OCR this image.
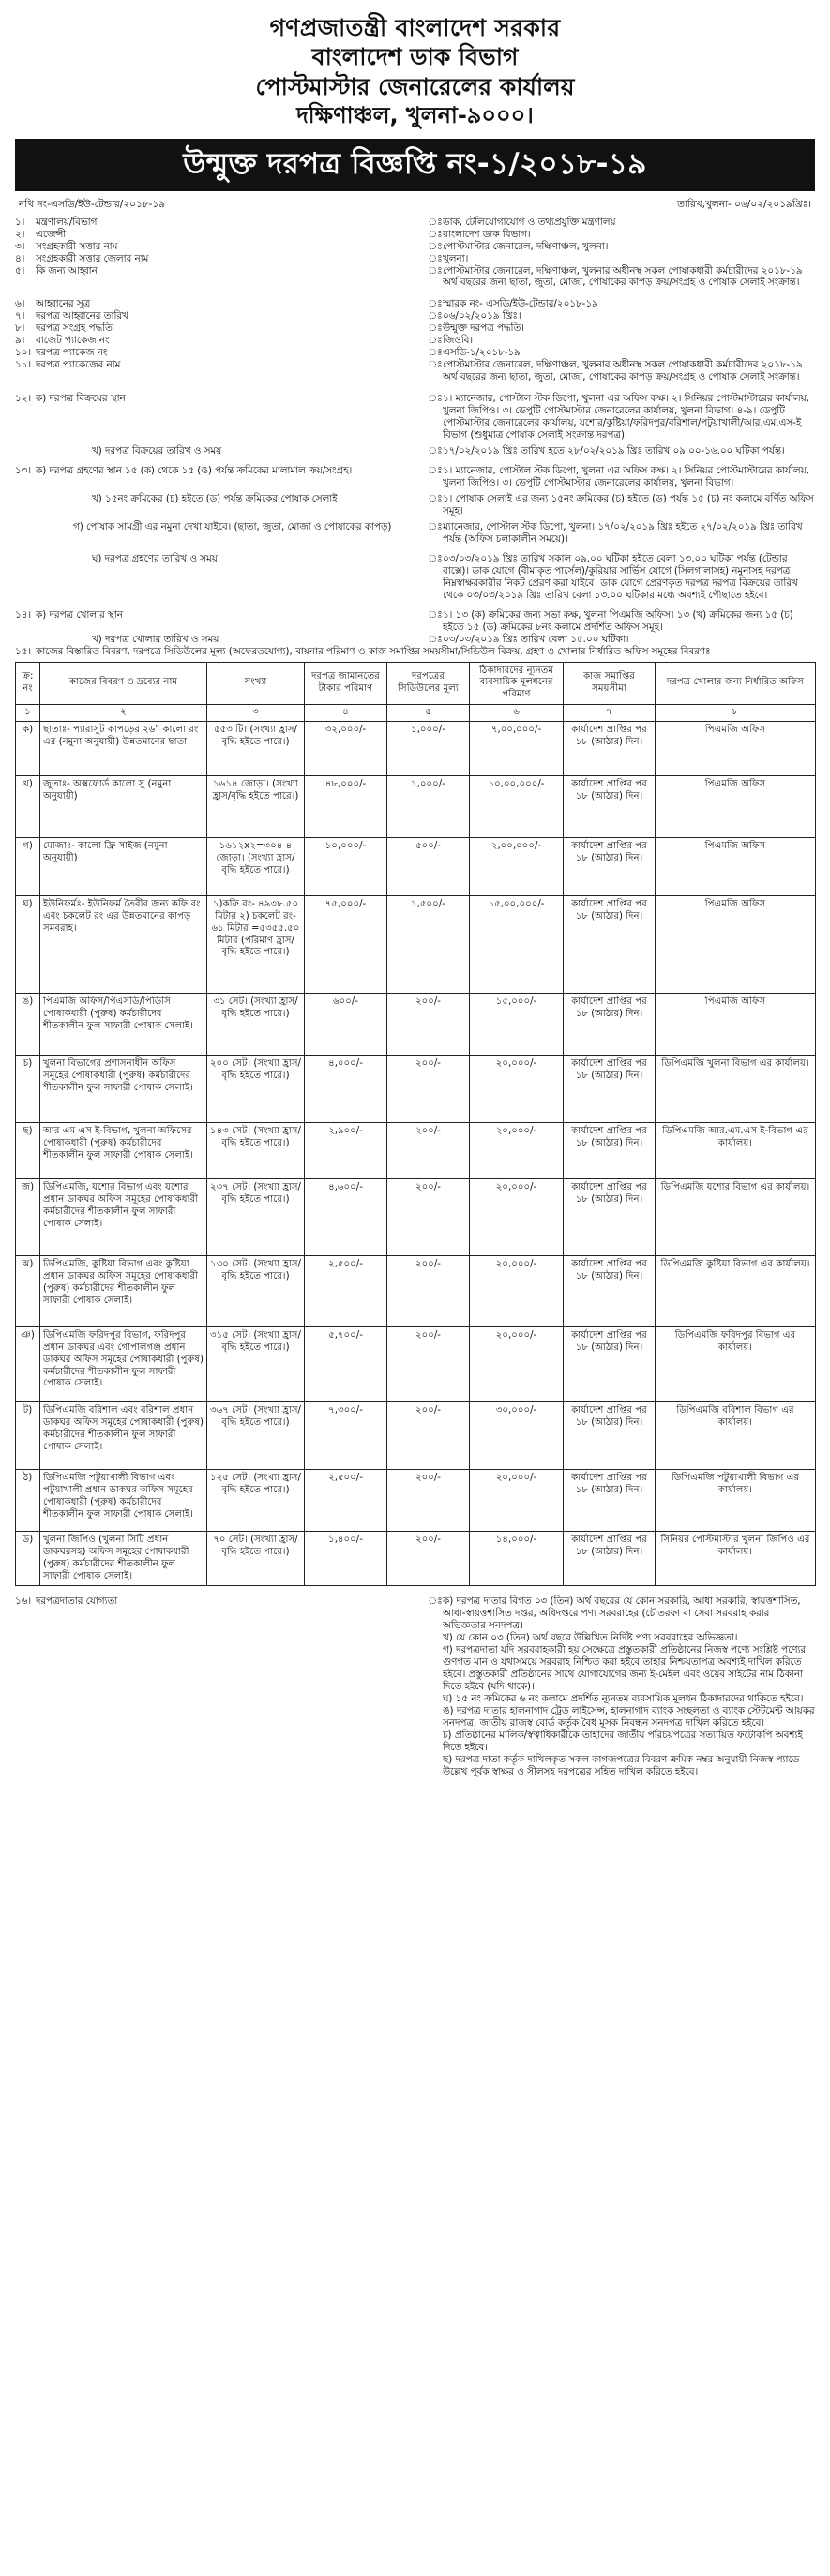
গণপ্রজাতন্ত্রী বাংলাদেশ সরকার
বাংলাদেশ ডাক বিভাগ
পোস্টমাস্টার জেনারেলের কার্যালয়
দক্ষিণাঞ্চল, খুলনা-৯০০০।
উন্মুক্ত দরপত্র বিজ্ঞপ্তি নং-১/২০১৮-১৯
নথি নং-এসডি/ইউ-টেন্ডার/২০১৮-১৯	তারিখ,খুলনা- ০৬/০২/২০১৯খ্রিঃ।
১।	মন্ত্রণালয়/বিভাগ	ঃ ডাক, টেলিযোগাযোগ ও তথ্যপ্রযুক্তি মন্ত্রণালয়
২।	এজেন্সী	ঃ বাংলাদেশ ডাক বিভাগ।
৩।	সংগ্রহকারী সত্তার নাম	ঃ পোস্টমাস্টার জেনারেল, দক্ষিণাঞ্চল, খুলনা।
৪।	সংগ্রহকারী সত্তার জেলার নাম	ঃ খুলনা।
৫।	কি জন্য আহ্বান	ঃ পোস্টমাস্টার জেনারেল, দক্ষিণাঞ্চল, খুলনার অধীনস্থ সকল পোষাকধারী কর্মচারীদের ২০১৮-১৯ অর্থ বছরের জন্য ছাতা, জুতা, মোজা, পোষাকের কাপড় ক্রয়/সংগ্রহ ও পোষাক সেলাই সংক্রান্ত।
৬।	আহ্বানের সূত্র	ঃ স্মারক নং- এসডি/ইউ-টেন্ডার/২০১৮-১৯
৭।	দরপত্র আহ্বানের তারিখ	ঃ ০৬/০২/২০১৯ খ্রিঃ।
৮।	দরপত্র সংগ্রহ পদ্ধতি	ঃ উন্মুক্ত দরপত্র পদ্ধতি।
৯।	বাজেট প্যাকেজ নং	ঃ জিওবি।
১০। দরপত্র প্যাকেজ নং	ঃ এসডি-১/২০১৮-১৯
১১। দরপত্র প্যাকেজের নাম	ঃ পোস্টমাস্টার জেনারেল, দক্ষিণাঞ্চল, খুলনার অধীনস্থ সকল পোষাকধারী কর্মচারীদের ২০১৮-১৯ অর্থ বছরের জন্য ছাতা, জুতা, মোজা, পোষাকের কাপড় ক্রয়/সংগ্রহ ও পোষাক সেলাই সংক্রান্ত।
১২। ক) দরপত্র বিক্রয়ের স্থান	ঃ ১। ম্যানেজার, পোস্টাল স্টক ডিপো, খুলনা এর অফিস কক্ষ। ২। সিনিয়র পোস্টমাস্টারের কার্যালয়, খুলনা জিপিও। ৩। ডেপুটি পোস্টমাস্টার জেনারেলের কার্যালয়, খুলনা বিভাগ। ৪-৯। ডেপুটি পোস্টমাস্টার জেনারেলের কার্যালয়, যশোর/কুষ্টিয়া/ফরিদপুর/বরিশাল/পটুয়াখালী/আর.এম.এস-ই বিভাগ (শুধুমাত্র পোষাক সেলাই সংক্রান্ত দরপত্র)
খ) দরপত্র বিক্রয়ের তারিখ ও সময়	ঃ ১৭/০২/২০১৯ খ্রিঃ তারিখ হতে ২৮/০২/২০১৯ খ্রিঃ তারিখ ০৯.০০-১৬.০০ ঘটিকা পর্যন্ত।
১৩। ক) দরপত্র গ্রহণের স্থান ১৫ (ক) থেকে ১৫ (ঙ) পর্যন্ত ক্রমিকের মালামাল ক্রয়/সংগ্রহ।	ঃ ১। ম্যানেজার, পোস্টাল স্টক ডিপো, খুলনা এর অফিস কক্ষ। ২। সিনিয়র পোস্টমাস্টারের কার্যালয়, খুলনা জিপিও। ৩। ডেপুটি পোস্টমাস্টার জেনারেলের কার্যালয়, খুলনা বিভাগ।
খ) ১৫নং ক্রমিকের (চ) হইতে (ড) পর্যন্ত ক্রমিকের পোষাক সেলাই	ঃ ১। পোষাক সেলাই এর জন্য ১৫নং ক্রমিকের (চ) হইতে (ড) পর্যন্ত ১৫ (চ) নং কলামে বর্ণিত অফিস সমূহ।
গ) পোষাক সামগ্রী এর নমুনা দেখা যাইবে। (ছাতা, জুতা, মোজা ও পোষাকের কাপড়)	ঃ ম্যানেজার, পোস্টাল স্টক ডিপো, খুলনা। ১৭/০২/২০১৯ খ্রিঃ হইতে ২৭/০২/২০১৯ খ্রিঃ তারিখ পর্যন্ত (অফিস চলাকালীন সময়ে)।
ঘ) দরপত্র গ্রহণের তারিখ ও সময়	ঃ ০৩/০৩/২০১৯ খ্রিঃ তারিখ সকাল ০৯.০০ ঘটিকা হইতে বেলা ১৩.০০ ঘটিকা পর্যন্ত (টেন্ডার বাক্সে)। ডাক যোগে (বীমাকৃত পার্সেল)/কুরিয়ার সার্ভিস যোগে (সিলগালাসহ) নমুনাসহ দরপত্র নিম্নস্বাক্ষরকারীর নিকট প্রেরণ করা যাইবে। ডাক যোগে প্রেরণকৃত দরপত্র দরপত্র বিক্রয়ের তারিখ থেকে ০৩/০৩/২০১৯ খ্রিঃ তারিখ বেলা ১৩.০০ ঘটিকার মধ্যে অবশ্যই পৌছাতে হইবে।
১৪। ক) দরপত্র খোলার স্থান	ঃ ১। ১৩ (ক) ক্রমিকের জন্য সভা কক্ষ, খুলনা পিএমজি অফিস। ১৩ (খ) ক্রমিকের জন্য ১৫ (চ) হইতে ১৫ (ড) ক্রমিকের ৮নং কলামে প্রদর্শিত অফিস সমূহ।
খ) দরপত্র খোলার তারিখ ও সময়	ঃ ০৩/০৩/২০১৯ খ্রিঃ তারিখ বেলা ১৫.০০ ঘটিকা।
১৫। কাজের বিস্তারিত বিবরণ, দরপত্রে সিডিউলের মূল্য (অফেরতযোগ্য), বায়নার পরিমাণ ও কাজ সমাপ্তির সময়সীমা/সিডিউল বিক্রয়, গ্রহণ ও খোলার নির্ধারিত অফিস সমূহের বিবরণঃ
ক্র: নং	কাজের বিবরণ ও দ্রব্যের নাম	সংখ্যা	দরপত্র জামানতের টাকার পরিমাণ	দরপত্রের সিডিউলের মূল্য	ঠিকাদারদের ন্যূনতম ব্যবসায়িক মূলধনের পরিমাণ	কাজ সমাপ্তির সময়সীমা	দরপত্র খোলার জন্য নির্ধারিত অফিস
১	২	৩	৪	৫	৬	৭	৮
ক)	ছাতাঃ- প্যারাসুট কাপড়ের ২৬" কালো রং এর (নমুনা অনুযায়ী) উন্নতমানের ছাতা।	৫৫৩ টি। (সংখ্যা হ্রাস/বৃদ্ধি হইতে পারে।)	৩২,০০০/-	১,০০০/-	৭,০০,০০০/-	কার্যাদেশ প্রাপ্তির পর ১৮ (আঠার) দিন।	পিএমজি অফিস
খ)	জুতাঃ- অক্সফোর্ড কালো সু (নমুনা অনুযায়ী)	১৬১৪ জোড়া। (সংখ্যা হ্রাস/বৃদ্ধি হইতে পারে।)	৪৮,০০০/-	১,০০০/-	১০,০০,০০০/-	কার্যাদেশ প্রাপ্তির পর ১৮ (আঠার) দিন।	পিএমজি অফিস
গ)	মোজাঃ- কালো ফ্রি সাইজ (নমুনা অনুযায়ী)	১৬১২x২=৩০৪ ৪ জোড়া। (সংখ্যা হ্রাস/বৃদ্ধি হইতে পারে।)	১০,০০০/-	৫০০/-	২,০০,০০০/-	কার্যাদেশ প্রাপ্তির পর ১৮ (আঠার) দিন।	পিএমজি অফিস
ঘ)	ইউনিফর্মঃ- ইউনিফর্ম তৈরীর জন্য কফি রং এবং চকলেট রং এর উন্নতমানের কাপড় সমবরাহ।	১)কফি রং- ৪৯৩৮.৫০ মিটার ২) চকলেট রং- ৬১ মিটার =৫৩৫৫.৫০ মিটার (পরিমাণ হ্রাস/বৃদ্ধি হইতে পারে।)	৭৫,০০০/-	১,৫০০/-	১৫,০০,০০০/-	কার্যাদেশ প্রাপ্তির পর ১৮ (আঠার) দিন।	পিএমজি অফিস
ঙ)	পিএমজি অফিস/পিএসডি/পিডিসি পোষাকধারী (পুরুষ) কর্মচারীদের শীতকালীন ফুল সাফারী পোষাক সেলাই।	৩১ সেট। (সংখ্যা হ্রাস/বৃদ্ধি হইতে পারে।)	৬০০/-	২০০/-	১৫,০০০/-	কার্যাদেশ প্রাপ্তির পর ১৮ (আঠার) দিন।	পিএমজি অফিস
চ)	খুলনা বিভাগের প্রশাসনাধীন অফিস সমূহের পোষাকধারী (পুরুষ) কর্মচারীদের শীতকালীন ফুল সাফারী পোষাক সেলাই।	২০০ সেট। (সংখ্যা হ্রাস/বৃদ্ধি হইতে পারে।)	৪,০০০/-	২০০/-	২০,০০০/-	কার্যাদেশ প্রাপ্তির পর ১৮ (আঠার) দিন।	ডিপিএমজি খুলনা বিভাগ এর কার্যালয়।
ছ)	আর এম এস ই-বিভাগ, খুলনা অফিসের পোষাকধারী (পুরুষ) কর্মচারীদের শীতকালীন ফুল সাফারী পোষাক সেলাই।	১৪৩ সেট। (সংখ্যা হ্রাস/বৃদ্ধি হইতে পারে।)	২,৯০০/-	২০০/-	২০,০০০/-	কার্যাদেশ প্রাপ্তির পর ১৮ (আঠার) দিন।	ডিপিএমজি আর.এম.এস ই-বিভাগ এর কার্যালয়।
জ)	ডিপিএমজি, যশোর বিভাগ এবং যশোর প্রধান ডাকঘর অফিস সমূহের পোষাকধারী কর্মচারীদের শীতকালীন ফুল সাফারী পোষাক সেলাই।	২৩৭ সেট। (সংখ্যা হ্রাস/বৃদ্ধি হইতে পারে।)	৪,৬০০/-	২০০/-	২০,০০০/-	কার্যাদেশ প্রাপ্তির পর ১৮ (আঠার) দিন।	ডিপিএমজি যশোর বিভাগ এর কার্যালয়।
ঝ)	ডিপিএমজি, কুষ্টিয়া বিভাগ এবং কুষ্টিয়া প্রধান ডাকঘর অফিস সমূহের পোষাকধারী (পুরুষ) কর্মচারীদের শীতকালীন ফুল সাফারী পোষাক সেলাই।	১৩০ সেট। (সংখ্যা হ্রাস/বৃদ্ধি হইতে পারে।)	২,৫০০/-	২০০/-	২০,০০০/-	কার্যাদেশ প্রাপ্তির পর ১৮ (আঠার) দিন।	ডিপিএমজি কুষ্টিয়া বিভাগ এর কার্যালয়।
ঞ)	ডিপিএমজি ফরিদপুর বিভাগ, ফরিদপুর প্রধান ডাকঘর এবং গোপালগঞ্জ প্রধান ডাকঘর অফিস সমূহের পোষাকধারী (পুরুষ) কর্মচারীদের শীতকালীন ফুল সাফারী পোষাক সেলাই।	৩১৫ সেট। (সংখ্যা হ্রাস/বৃদ্ধি হইতে পারে।)	৫,৭০০/-	২০০/-	২০,০০০/-	কার্যাদেশ প্রাপ্তির পর ১৮ (আঠার) দিন।	ডিপিএমজি ফরিদপুর বিভাগ এর কার্যালয়।
ট)	ডিপিএমজি বরিশাল এবং বরিশাল প্রধান ডাকঘর অফিস সমূহের পোষাকধারী (পুরুষ) কর্মচারীদের শীতকালীন ফুল সাফারী পোষাক সেলাই।	৩৬৭ সেট। (সংখ্যা হ্রাস/বৃদ্ধি হইতে পারে।)	৭,৩০০/-	২০০/-	৩০,০০০/-	কার্যাদেশ প্রাপ্তির পর ১৮ (আঠার) দিন।	ডিপিএমজি বরিশাল বিভাগ এর কার্যালয়।
ঠ)	ডিপিএমজি পটুয়াখালী বিভাগ এবং পটুয়াখালী প্রধান ডাকঘর অফিস সমূহের পোষাকধারী (পুরুষ) কর্মচারীদের শীতকালীন ফুল সাফারী পোষাক সেলাই।	১২৫ সেট। (সংখ্যা হ্রাস/বৃদ্ধি হইতে পারে।)	২,৫০০/-	২০০/-	২০,০০০/-	কার্যাদেশ প্রাপ্তির পর ১৮ (আঠার) দিন।	ডিপিএমজি পটুয়াখালী বিভাগ এর কার্যালয়।
ড)	খুলনা জিপিও (খুলনা সিটি প্রধান ডাকঘরসহ) অফিস সমূহের পোষাকধারী (পুরুষ) কর্মচারীদের শীতকালীন ফুল সাফারী পোষাক সেলাই।	৭০ সেট। (সংখ্যা হ্রাস/বৃদ্ধি হইতে পারে।)	১,৪০০/-	২০০/-	১৪,০০০/-	কার্যাদেশ প্রাপ্তির পর ১৮ (আঠার) দিন।	সিনিয়র পোস্টমাস্টার খুলনা জিপিও এর কার্যালয়।
১৬। দরপত্রদাতার যোগ্যতা	ঃ ক) দরপত্র দাতার বিগত ০৩ (তিন) অর্থ বছরের যে কোন সরকারি, আধা সরকারি, স্বায়ত্তশাসিত, আধা-স্বায়ত্তশাসিত দপ্তর, অধিদপ্তরে পণ্য সরবরাহের (চৌতরফা বা সেবা সরবরাহ করার অভিজ্ঞতার সনদপত্র।
খ) যে কোন ০৩ (তিন) অর্থ বছরে উল্লিখিত নির্দিষ্ট পণ্য সরবরাহের অভিজ্ঞতা।
গ) দরপত্রদাতা যদি সরবরাহকারী হয় সেক্ষেত্রে প্রস্তুতকারী প্রতিষ্ঠানের নিজস্ব পণ্যে সংশ্লিষ্ট পণ্যের গুণগত মান ও যথাসময়ে সরবরাহ নিশ্চিত করা হইবে তাহার নিশ্চয়তাপত্র অবশ্যই দাখিল করিতে হইবে। প্রস্তুতকারী প্রতিষ্ঠানের সাথে যোগাযোগের জন্য ই-মেইল এবং ওয়েব সাইটের নাম ঠিকানা দিতে হইবে (যদি থাকে)।
ঘ) ১৫ নং ক্রমিকের ৬ নং কলামে প্রদর্শিত ন্যূনতম ব্যবসায়িক মূলধন ঠিকাদারদের থাকিতে হইবে।
ঙ) দরপত্র দাতার হালনাগাদ ট্রেড লাইসেন্স, হালনাগাদ ব্যাংক সচ্ছলতা ও ব্যাংক স্টেটমেন্ট আয়কর সনদপত্র, জাতীয় রাজস্ব বোর্ড কর্তৃক বৈধ মূসক নিবন্ধন সনদপত্র দাখিল করিতে হইবে।
চ) প্রতিষ্ঠানের মালিক/স্বত্বাধিকারীকে তাহাদের জাতীয় পরিচয়পত্রের সত্যায়িত ফটোকপি অবশ্যই দিতে হইবে।
ছ) দরপত্র দাতা কর্তৃক দাখিলকৃত সকল কাগজপত্রের বিবরণ ক্রমিক নম্বর অনুযায়ী নিজস্ব প্যাডে উল্লেখ পূর্বক স্বাক্ষর ও সীলসহ দরপত্রের সহিত দাখিল করিতে হইবে।
